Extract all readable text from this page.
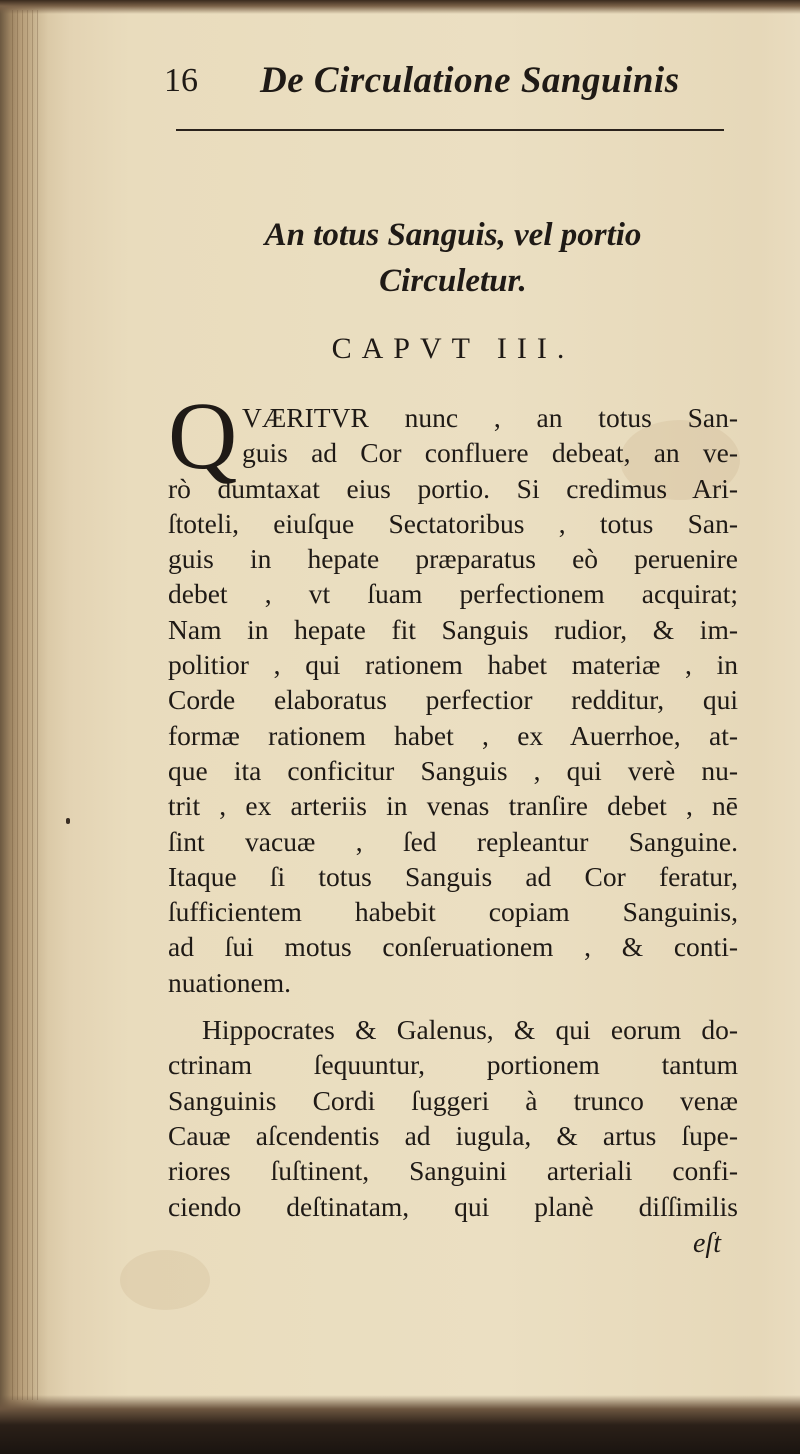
16 De Circulatione Sanguinis
An totus Sanguis, vel portio
Circuletur.
CAPVT III.
Q VÆRITVR nunc , an totus San-
guis ad Cor confluere debeat, an ve-
rò dumtaxat eius portio. Si credimus Ari-
ſtoteli, eiuſque Sectatoribus , totus San-
guis in hepate præparatus eò peruenire
debet , vt ſuam perfectionem acquirat;
Nam in hepate fit Sanguis rudior, & im-
politior , qui rationem habet materiæ , in
Corde elaboratus perfectior redditur, qui
formæ rationem habet , ex Auerrhoe, at-
que ita conficitur Sanguis , qui verè nu-
trit , ex arteriis in venas tranſire debet , nē
ſint vacuæ , ſed repleantur Sanguine.
Itaque ſi totus Sanguis ad Cor feratur,
ſufficientem habebit copiam Sanguinis,
ad ſui motus conſeruationem , & conti-
nuationem.
Hippocrates & Galenus, & qui eorum do-
ctrinam ſequuntur, portionem tantum
Sanguinis Cordi ſuggeri à trunco venæ
Cauæ aſcendentis ad iugula, & artus ſupe-
riores ſuſtinent, Sanguini arteriali confi-
ciendo deſtinatam, qui planè diſſimilis
eſt
